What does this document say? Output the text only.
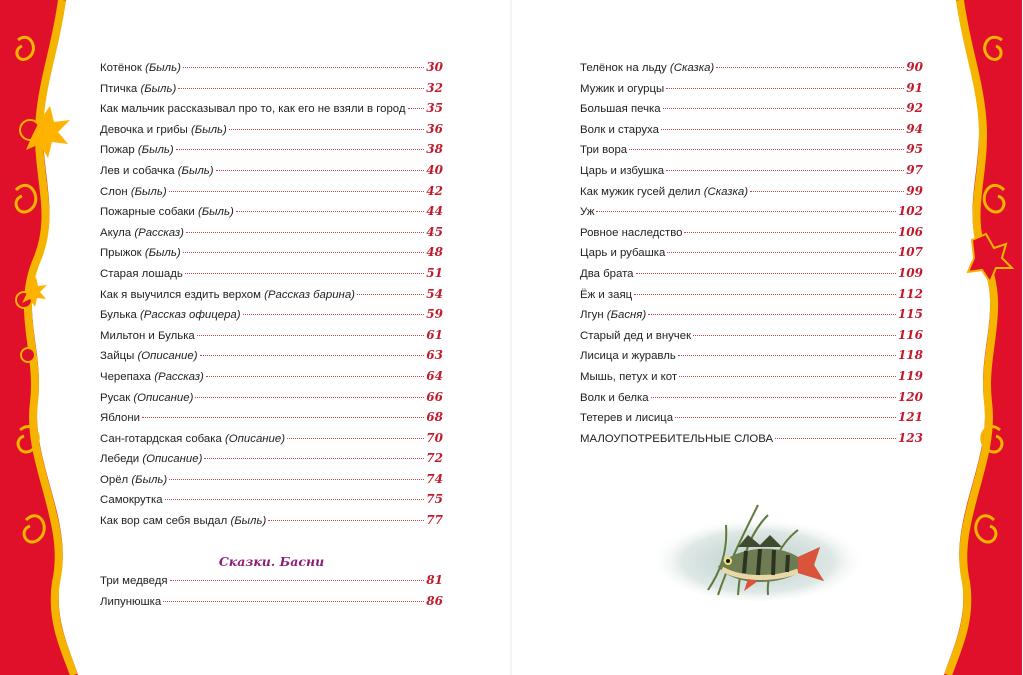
Сказки. Басни
Котёнок (Быль)	30
Птичка (Быль)	32
Как мальчик рассказывал про то, как его не взяли в город 35
Девочка и грибы (Быль)	36
Пожар (Быль)	38
Лев и собачка (Быль)	40
Слон (Быль)	42
Пожарные собаки (Быль)	44
Акула (Рассказ)	45
Прыжок (Быль)	48
Старая лошадь	51
Как я выучился ездить верхом (Рассказ барина)	54
Булька (Рассказ офицера)	59
Мильтон и Булька	61
Зайцы (Описание)	63
Черепаха (Рассказ)	64
Русак (Описание)	66
Яблони	68
Сан-готардская собака (Описание)	70
Лебеди (Описание)	72
Орёл (Быль)	74
Самокрутка	75
Как вор сам себя выдал (Быль)	77
Три медведя	81
Липунюшка	86
Телёнок на льду (Сказка)	90
Мужик и огурцы	91
Большая печка	92
Волк и старуха	94
Три вора	95
Царь и избушка	97
Как мужик гусей делил (Сказка)	99
Уж	102
Ровное наследство	106
Царь и рубашка	107
Два брата	109
Ёж и заяц	112
Лгун (Басня)	115
Старый дед и внучек	116
Лисица и журавль	118
Мышь, петух и кот	119
Волк и белка	120
Тетерев и лисица	121
МАЛОУПОТРЕБИТЕЛЬНЫЕ СЛОВА	123
